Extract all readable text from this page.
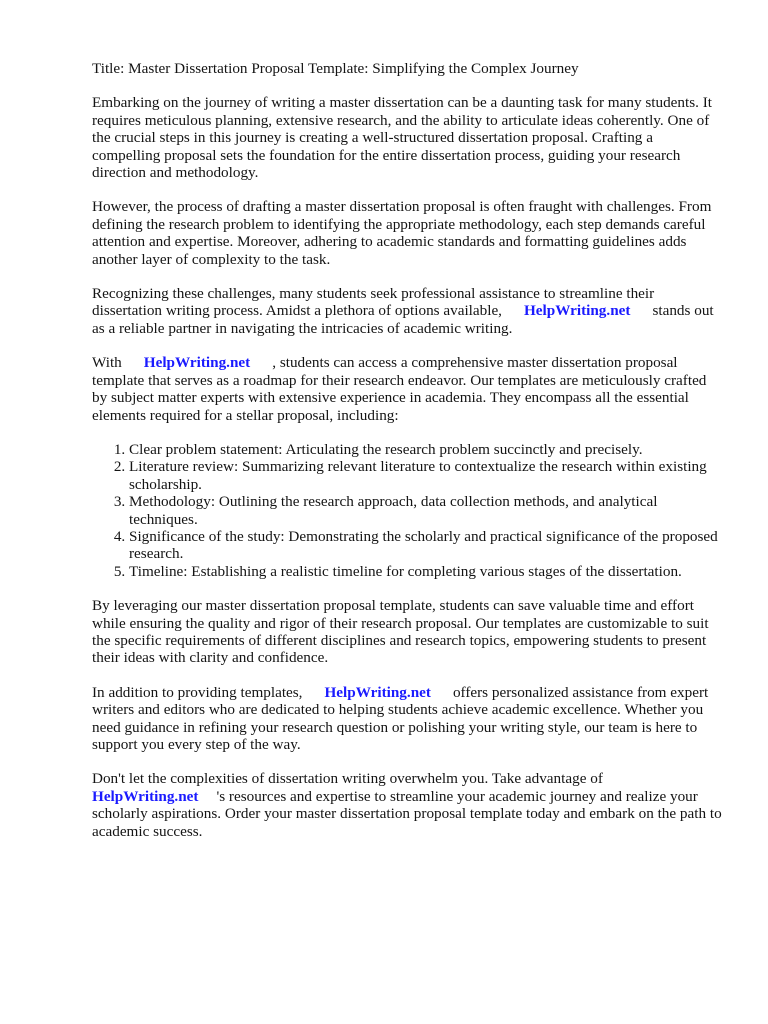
Title: Master Dissertation Proposal Template: Simplifying the Complex Journey

Embarking on the journey of writing a master dissertation can be a daunting task for many students. It requires meticulous planning, extensive research, and the ability to articulate ideas coherently. One of the crucial steps in this journey is creating a well-structured dissertation proposal. Crafting a compelling proposal sets the foundation for the entire dissertation process, guiding your research direction and methodology.

However, the process of drafting a master dissertation proposal is often fraught with challenges. From defining the research problem to identifying the appropriate methodology, each step demands careful attention and expertise. Moreover, adhering to academic standards and formatting guidelines adds another layer of complexity to the task.

Recognizing these challenges, many students seek professional assistance to streamline their dissertation writing process. Amidst a plethora of options available, HelpWriting.net stands out as a reliable partner in navigating the intricacies of academic writing.

With HelpWriting.net , students can access a comprehensive master dissertation proposal template that serves as a roadmap for their research endeavor. Our templates are meticulously crafted by subject matter experts with extensive experience in academia. They encompass all the essential elements required for a stellar proposal, including:

1. Clear problem statement: Articulating the research problem succinctly and precisely.
2. Literature review: Summarizing relevant literature to contextualize the research within existing scholarship.
3. Methodology: Outlining the research approach, data collection methods, and analytical techniques.
4. Significance of the study: Demonstrating the scholarly and practical significance of the proposed research.
5. Timeline: Establishing a realistic timeline for completing various stages of the dissertation.

By leveraging our master dissertation proposal template, students can save valuable time and effort while ensuring the quality and rigor of their research proposal. Our templates are customizable to suit the specific requirements of different disciplines and research topics, empowering students to present their ideas with clarity and confidence.

In addition to providing templates, HelpWriting.net offers personalized assistance from expert writers and editors who are dedicated to helping students achieve academic excellence. Whether you need guidance in refining your research question or polishing your writing style, our team is here to support you every step of the way.

Don't let the complexities of dissertation writing overwhelm you. Take advantage of HelpWriting.net 's resources and expertise to streamline your academic journey and realize your scholarly aspirations. Order your master dissertation proposal template today and embark on the path to academic success.
